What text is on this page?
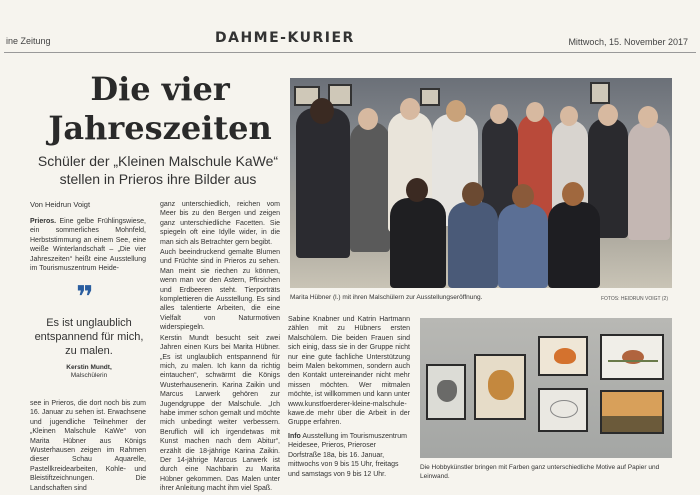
ine Zeitung	DAHME-KURIER	Mittwoch, 15. November 2017
Die vier
Jahreszeiten
Schüler der „Kleinen Malschule KaWe“ stellen in Prieros ihre Bilder aus
Von Heidrun Voigt

Prieros. Eine gelbe Frühlingswiese, ein sommerliches Mohnfeld, Herbststimmung an einem See, eine weiße Winterlandschaft – „Die vier Jahreszeiten“ heißt eine Ausstellung im Tourismuszentrum Heide-

❞
Es ist unglaublich entspannend für mich, zu malen.
Kerstin Mundt,
Malschülerin

see in Prieros, die dort noch bis zum 16. Januar zu sehen ist. Erwachsene und jugendliche Teilnehmer der „Kleinen Malschule KaWe“ von Marita Hübner aus Königs Wusterhausen zeigen im Rahmen dieser Schau Aquarelle, Pastellkreidearbeiten, Kohle- und Bleistiftzeichnungen. Die Landschaften sind

ganz unterschiedlich, reichen vom Meer bis zu den Bergen und zeigen ganz unterschiedliche Facetten. Sie spiegeln oft eine Idylle wider, in die man sich als Betrachter gern begibt.

Auch beeindruckend gemalte Blumen und Früchte sind in Prieros zu sehen. Man meint sie riechen zu können, wenn man vor den Astern, Pfirsichen und Erdbeeren steht. Tierporträts komplettieren die Ausstellung. Es sind alles talentierte Arbeiten, die eine Vielfalt von Naturmotiven widerspiegeln.

Kerstin Mundt besucht seit zwei Jahren einen Kurs bei Marita Hübner. „Es ist unglaublich entspannend für mich, zu malen. Ich kann da richtig eintauchen“, schwärmt die Königs Wusterhausenerin. Karina Zaikin und Marcus Larwerk gehören zur Jugendgruppe der Malschule. „Ich habe immer schon gemalt und möchte mich unbedingt weiter verbessern. Beruflich will ich irgendetwas mit Kunst machen nach dem Abitur“, erzählt die 18-jährige Karina Zaikin. Der 14-jährige Marcus Larwerk ist durch eine Nachbarin zu Marita Hübner gekommen. Das Malen unter ihrer Anleitung macht ihm viel Spaß.

Marita Hübner (l.) mit ihren Malschülern zur Ausstellungseröffnung.	FOTOS: HEIDRUN VOIGT (2)

Sabine Knabner und Katrin Hartmann zählen mit zu Hübners ersten Malschülern. Die beiden Frauen sind sich einig, dass sie in der Gruppe nicht nur eine gute fachliche Unterstützung beim Malen bekommen, sondern auch den Kontakt untereinander nicht mehr missen möchten. Wer mitmalen möchte, ist willkommen und kann unter www.kunstfoerderer-kleine-malschule-kawe.de mehr über die Arbeit in der Gruppe erfahren.

Info Ausstellung im Tourismuszentrum Heidesee, Prieros, Prieroser Dorfstraße 18a, bis 16. Januar, mittwochs von 9 bis 15 Uhr, freitags und samstags von 9 bis 12 Uhr.
Die Hobbykünstler bringen mit Farben ganz unterschiedliche Motive auf Papier und Leinwand.
